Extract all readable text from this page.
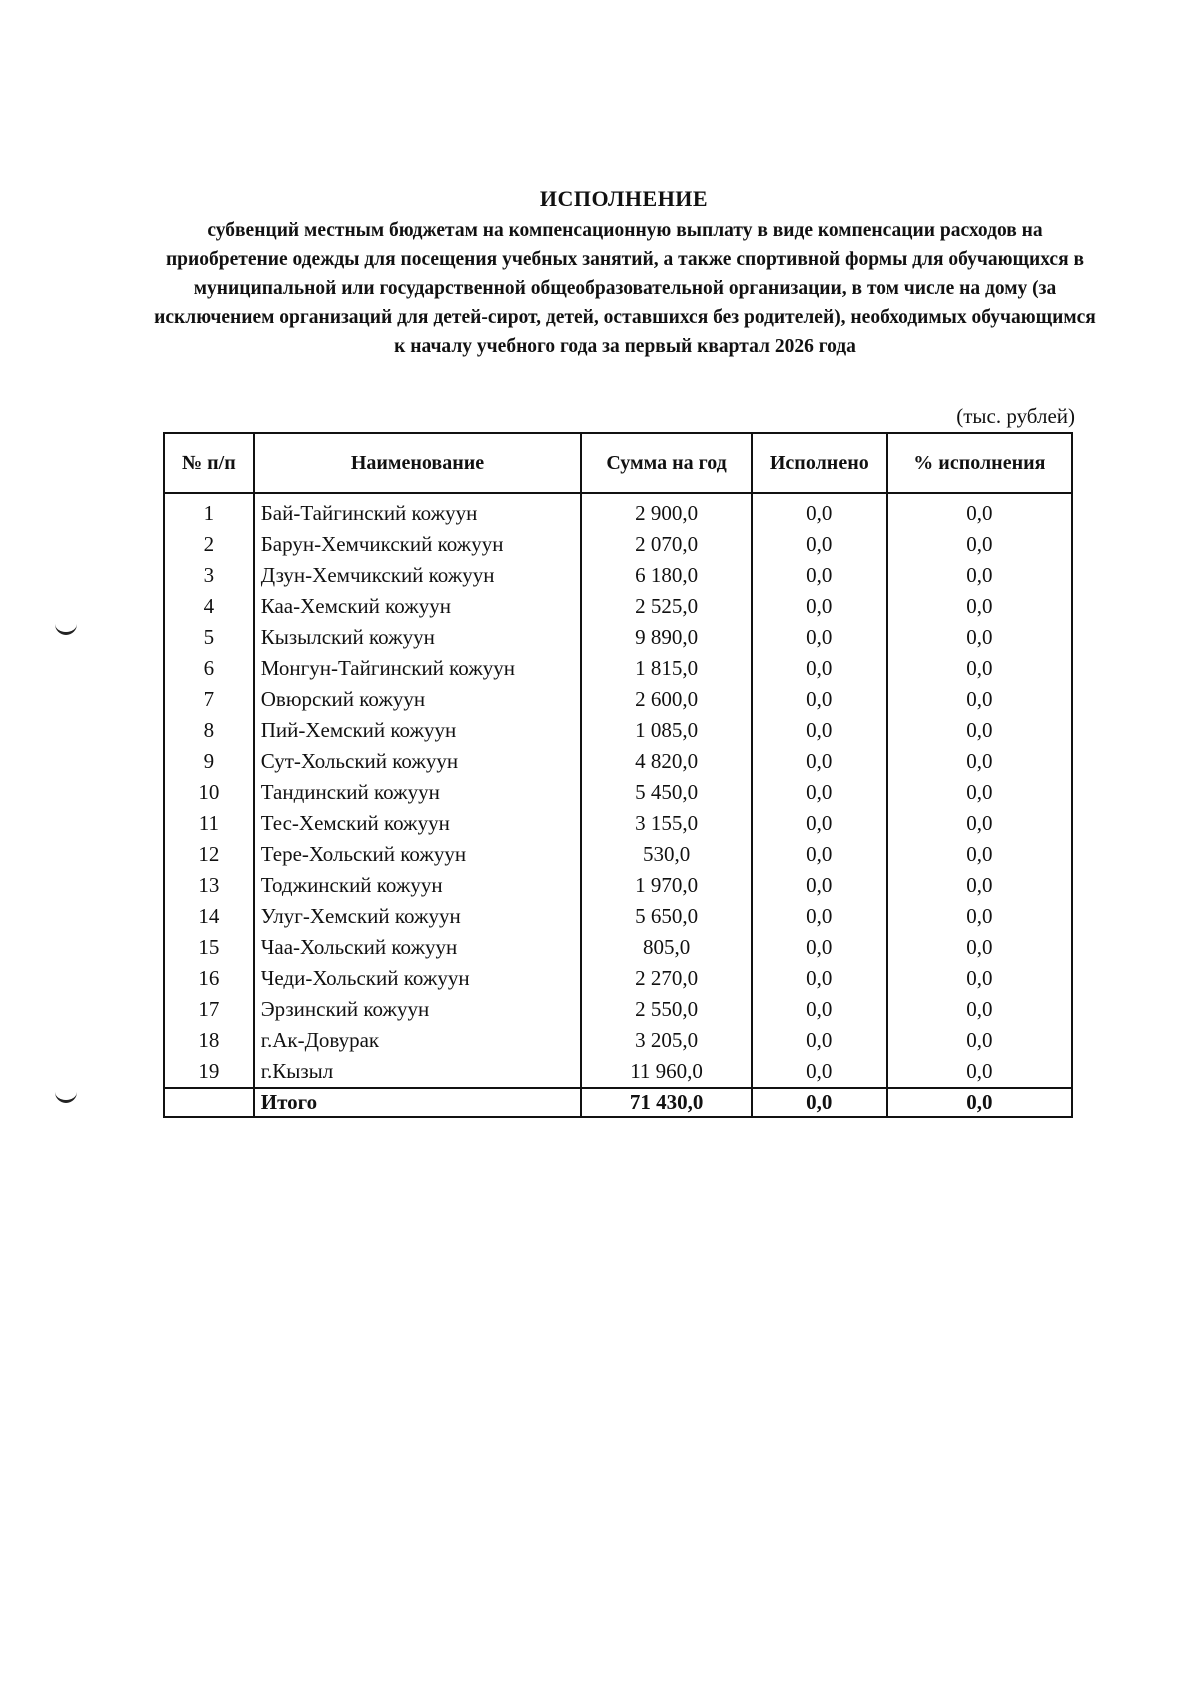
ИСПОЛНЕНИЕ
субвенций местным бюджетам на компенсационную выплату в виде компенсации расходов на приобретение одежды для посещения учебных занятий, а также спортивной формы для обучающихся в муниципальной или государственной общеобразовательной организации, в том числе на дому (за исключением организаций для детей-сирот, детей, оставшихся без родителей), необходимых обучающимся к началу учебного года за первый квартал 2026 года
(тыс. рублей)
№ п/п	Наименование	Сумма на год	Исполнено	% исполнения
1	Бай-Тайгинский кожуун	2 900,0	0,0	0,0
2	Барун-Хемчикский кожуун	2 070,0	0,0	0,0
3	Дзун-Хемчикский кожуун	6 180,0	0,0	0,0
4	Каа-Хемский кожуун	2 525,0	0,0	0,0
5	Кызылский кожуун	9 890,0	0,0	0,0
6	Монгун-Тайгинский кожуун	1 815,0	0,0	0,0
7	Овюрский кожуун	2 600,0	0,0	0,0
8	Пий-Хемский кожуун	1 085,0	0,0	0,0
9	Сут-Хольский кожуун	4 820,0	0,0	0,0
10	Тандинский кожуун	5 450,0	0,0	0,0
11	Тес-Хемский кожуун	3 155,0	0,0	0,0
12	Тере-Хольский кожуун	530,0	0,0	0,0
13	Тоджинский кожуун	1 970,0	0,0	0,0
14	Улуг-Хемский кожуун	5 650,0	0,0	0,0
15	Чаа-Хольский кожуун	805,0	0,0	0,0
16	Чеди-Хольский кожуун	2 270,0	0,0	0,0
17	Эрзинский кожуун	2 550,0	0,0	0,0
18	г.Ак-Довурак	3 205,0	0,0	0,0
19	г.Кызыл	11 960,0	0,0	0,0
	Итого	71 430,0	0,0	0,0
